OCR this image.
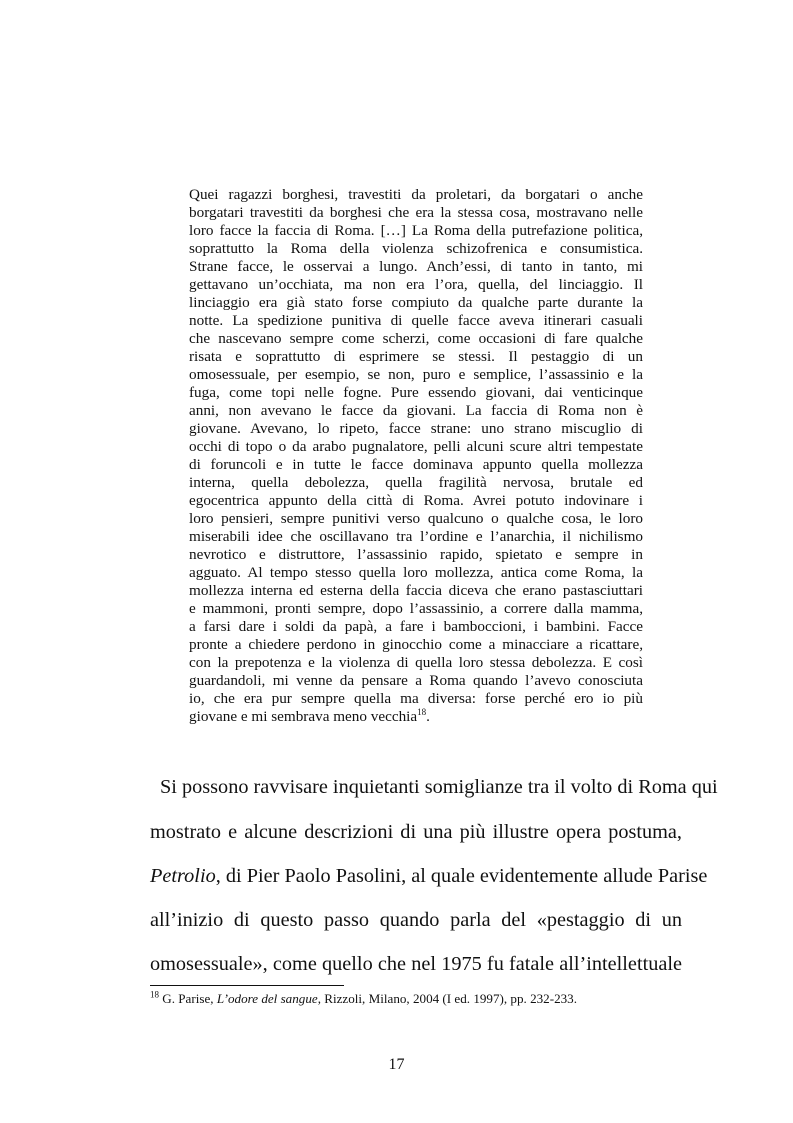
Quei ragazzi borghesi, travestiti da proletari, da borgatari o anche
borgatari travestiti da borghesi che era la stessa cosa, mostravano nelle
loro facce la faccia di Roma. […] La Roma della putrefazione politica,
soprattutto la Roma della violenza schizofrenica e consumistica.
Strane facce, le osservai a lungo. Anch’essi, di tanto in tanto, mi
gettavano un’occhiata, ma non era l’ora, quella, del linciaggio. Il
linciaggio era già stato forse compiuto da qualche parte durante la
notte. La spedizione punitiva di quelle facce aveva itinerari casuali
che nascevano sempre come scherzi, come occasioni di fare qualche
risata e soprattutto di esprimere se stessi. Il pestaggio di un
omosessuale, per esempio, se non, puro e semplice, l’assassinio e la
fuga, come topi nelle fogne. Pure essendo giovani, dai venticinque
anni, non avevano le facce da giovani. La faccia di Roma non è
giovane. Avevano, lo ripeto, facce strane: uno strano miscuglio di
occhi di topo o da arabo pugnalatore, pelli alcuni scure altri tempestate
di foruncoli e in tutte le facce dominava appunto quella mollezza
interna, quella debolezza, quella fragilità nervosa, brutale ed
egocentrica appunto della città di Roma. Avrei potuto indovinare i
loro pensieri, sempre punitivi verso qualcuno o qualche cosa, le loro
miserabili idee che oscillavano tra l’ordine e l’anarchia, il nichilismo
nevrotico e distruttore, l’assassinio rapido, spietato e sempre in
agguato. Al tempo stesso quella loro mollezza, antica come Roma, la
mollezza interna ed esterna della faccia diceva che erano pastasciuttari
e mammoni, pronti sempre, dopo l’assassinio, a correre dalla mamma,
a farsi dare i soldi da papà, a fare i bamboccioni, i bambini. Facce
pronte a chiedere perdono in ginocchio come a minacciare a ricattare,
con la prepotenza e la violenza di quella loro stessa debolezza. E così
guardandoli, mi venne da pensare a Roma quando l’avevo conosciuta
io, che era pur sempre quella ma diversa: forse perché ero io più
giovane e mi sembrava meno vecchia$^{18}$.
Si possono ravvisare inquietanti somiglianze tra il volto di Roma qui
mostrato e alcune descrizioni di una più illustre opera postuma,
Petrolio, di Pier Paolo Pasolini, al quale evidentemente allude Parise
all’inizio di questo passo quando parla del «pestaggio di un
omosessuale», come quello che nel 1975 fu fatale all’intellettuale
$^{18}$ G. Parise, L’odore del sangue, Rizzoli, Milano, 2004 (I ed. 1997), pp. 232-233.
17
